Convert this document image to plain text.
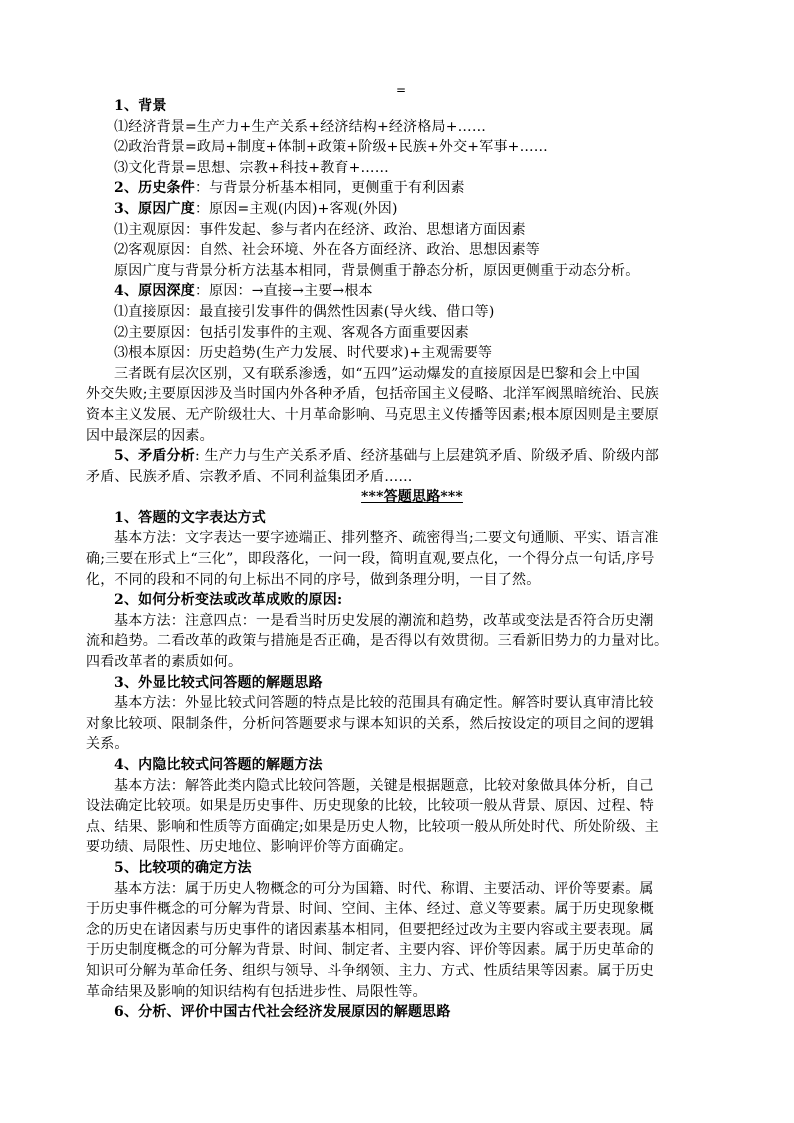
=
1、背景
⑴经济背景=生产力+生产关系+经济结构+经济格局+……
⑵政治背景=政局+制度+体制+政策+阶级+民族+外交+军事+……
⑶文化背景=思想、宗教+科技+教育+……
2、历史条件：与背景分析基本相同，更侧重于有利因素
3、原因广度：原因=主观(内因)+客观(外因)
⑴主观原因：事件发起、参与者内在经济、政治、思想诸方面因素
⑵客观原因：自然、社会环境、外在各方面经济、政治、思想因素等
原因广度与背景分析方法基本相同，背景侧重于静态分析，原因更侧重于动态分析。
4、原因深度：原因：→直接→主要→根本
⑴直接原因：最直接引发事件的偶然性因素(导火线、借口等)
⑵主要原因：包括引发事件的主观、客观各方面重要因素
⑶根本原因：历史趋势(生产力发展、时代要求)+主观需要等
三者既有层次区别，又有联系渗透，如“五四”运动爆发的直接原因是巴黎和会上中国
外交失败;主要原因涉及当时国内外各种矛盾，包括帝国主义侵略、北洋军阀黑暗统治、民族
资本主义发展、无产阶级壮大、十月革命影响、马克思主义传播等因素;根本原因则是主要原
因中最深层的因素。
5、矛盾分析: 生产力与生产关系矛盾、经济基础与上层建筑矛盾、阶级矛盾、阶级内部
矛盾、民族矛盾、宗教矛盾、不同利益集团矛盾……
***答题思路***
1、答题的文字表达方式
基本方法：文字表达一要字迹端正、排列整齐、疏密得当;二要文句通顺、平实、语言准
确;三要在形式上“三化”，即段落化，一问一段，简明直观,要点化，一个得分点一句话,序号
化，不同的段和不同的句上标出不同的序号，做到条理分明，一目了然。
2、如何分析变法或改革成败的原因:
基本方法：注意四点：一是看当时历史发展的潮流和趋势，改革或变法是否符合历史潮
流和趋势。二看改革的政策与措施是否正确，是否得以有效贯彻。三看新旧势力的力量对比。
四看改革者的素质如何。
3、外显比较式问答题的解题思路
基本方法：外显比较式问答题的特点是比较的范围具有确定性。解答时要认真审清比较
对象比较项、限制条件，分析问答题要求与课本知识的关系，然后按设定的项目之间的逻辑
关系。
4、内隐比较式问答题的解题方法
基本方法：解答此类内隐式比较问答题，关键是根据题意，比较对象做具体分析，自己
设法确定比较项。如果是历史事件、历史现象的比较，比较项一般从背景、原因、过程、特
点、结果、影响和性质等方面确定;如果是历史人物，比较项一般从所处时代、所处阶级、主
要功绩、局限性、历史地位、影响评价等方面确定。
5、比较项的确定方法
基本方法：属于历史人物概念的可分为国籍、时代、称谓、主要活动、评价等要素。属
于历史事件概念的可分解为背景、时间、空间、主体、经过、意义等要素。属于历史现象概
念的历史在诸因素与历史事件的诸因素基本相同，但要把经过改为主要内容或主要表现。属
于历史制度概念的可分解为背景、时间、制定者、主要内容、评价等因素。属于历史革命的
知识可分解为革命任务、组织与领导、斗争纲领、主力、方式、性质结果等因素。属于历史
革命结果及影响的知识结构有包括进步性、局限性等。
6、分析、评价中国古代社会经济发展原因的解题思路
